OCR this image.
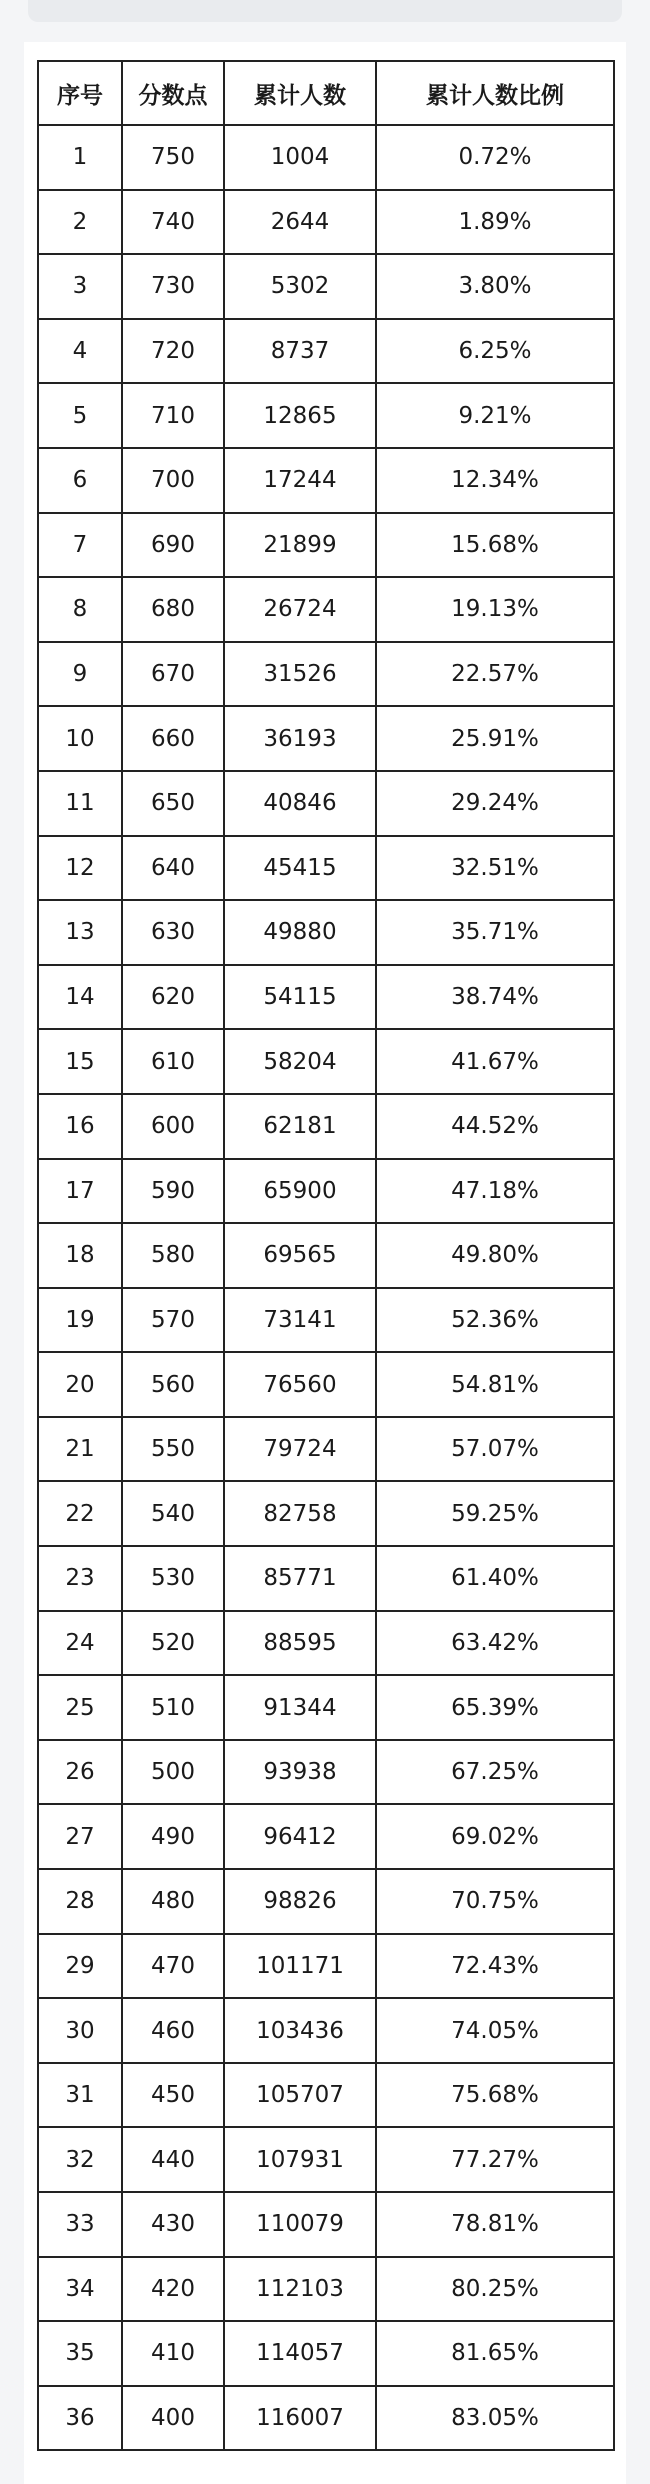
序号	分数点	累计人数	累计人数比例
1	750	1004	0.72%
2	740	2644	1.89%
3	730	5302	3.80%
4	720	8737	6.25%
5	710	12865	9.21%
6	700	17244	12.34%
7	690	21899	15.68%
8	680	26724	19.13%
9	670	31526	22.57%
10	660	36193	25.91%
11	650	40846	29.24%
12	640	45415	32.51%
13	630	49880	35.71%
14	620	54115	38.74%
15	610	58204	41.67%
16	600	62181	44.52%
17	590	65900	47.18%
18	580	69565	49.80%
19	570	73141	52.36%
20	560	76560	54.81%
21	550	79724	57.07%
22	540	82758	59.25%
23	530	85771	61.40%
24	520	88595	63.42%
25	510	91344	65.39%
26	500	93938	67.25%
27	490	96412	69.02%
28	480	98826	70.75%
29	470	101171	72.43%
30	460	103436	74.05%
31	450	105707	75.68%
32	440	107931	77.27%
33	430	110079	78.81%
34	420	112103	80.25%
35	410	114057	81.65%
36	400	116007	83.05%
